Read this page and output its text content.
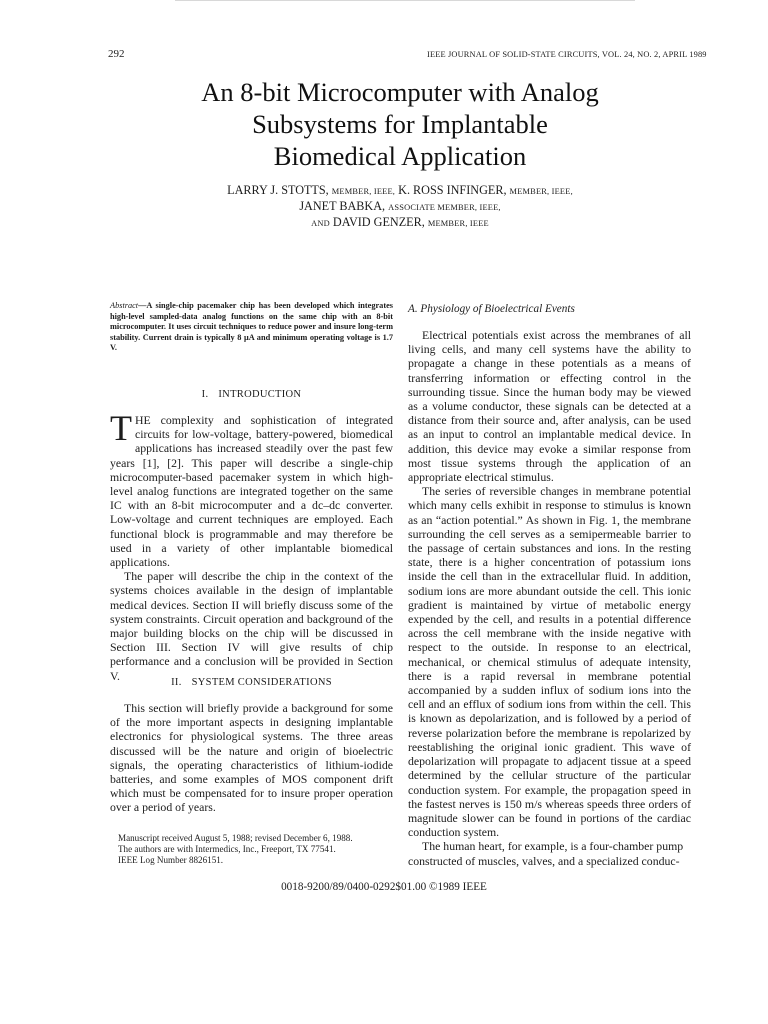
292	IEEE JOURNAL OF SOLID-STATE CIRCUITS, VOL. 24, NO. 2, APRIL 1989
An 8-bit Microcomputer with Analog
Subsystems for Implantable
Biomedical Application
LARRY J. STOTTS, MEMBER, IEEE, K. ROSS INFINGER, MEMBER, IEEE,
JANET BABKA, ASSOCIATE MEMBER, IEEE,
AND DAVID GENZER, MEMBER, IEEE
Abstract—A single-chip pacemaker chip has been developed which integrates high-level sampled-data analog functions on the same chip with an 8-bit microcomputer. It uses circuit techniques to reduce power and insure long-term stability. Current drain is typically 8 μA and minimum operating voltage is 1.7 V.
I. INTRODUCTION

THE complexity and sophistication of integrated circuits for low-voltage, battery-powered, biomedical applications has increased steadily over the past few years [1], [2]. This paper will describe a single-chip microcomputer-based pacemaker system in which high-level analog functions are integrated together on the same IC with an 8-bit microcomputer and a dc–dc converter. Low-voltage and current techniques are employed. Each functional block is programmable and may therefore be used in a variety of other implantable biomedical applications.

The paper will describe the chip in the context of the systems choices available in the design of implantable medical devices. Section II will briefly discuss some of the system constraints. Circuit operation and background of the major building blocks on the chip will be discussed in Section III. Section IV will give results of chip performance and a conclusion will be provided in Section V.	II. SYSTEM CONSIDERATIONS

This section will briefly provide a background for some of the more important aspects in designing implantable electronics for physiological systems. The three areas discussed will be the nature and origin of bioelectric signals, the operating characteristics of lithium-iodide batteries, and some examples of MOS component drift which must be compensated for to insure proper operation over a period of years.

Manuscript received August 5, 1988; revised December 6, 1988.
The authors are with Intermedics, Inc., Freeport, TX 77541.
IEEE Log Number 8826151.
A. Physiology of Bioelectrical Events

Electrical potentials exist across the membranes of all living cells, and many cell systems have the ability to propagate a change in these potentials as a means of transferring information or effecting control in the surrounding tissue. Since the human body may be viewed as a volume conductor, these signals can be detected at a distance from their source and, after analysis, can be used as an input to control an implantable medical device. In addition, this device may evoke a similar response from most tissue systems through the application of an appropriate electrical stimulus.

The series of reversible changes in membrane potential which many cells exhibit in response to stimulus is known as an “action potential.” As shown in Fig. 1, the membrane surrounding the cell serves as a semipermeable barrier to the passage of certain substances and ions. In the resting state, there is a higher concentration of potassium ions inside the cell than in the extracellular fluid. In addition, sodium ions are more abundant outside the cell. This ionic gradient is maintained by virtue of metabolic energy expended by the cell, and results in a potential difference across the cell membrane with the inside negative with respect to the outside. In response to an electrical, mechanical, or chemical stimulus of adequate intensity, there is a rapid reversal in membrane potential accompanied by a sudden influx of sodium ions into the cell and an efflux of sodium ions from within the cell. This is known as depolarization, and is followed by a period of reverse polarization before the membrane is repolarized by reestablishing the original ionic gradient. This wave of depolarization will propagate to adjacent tissue at a speed determined by the cellular structure of the particular conduction system. For example, the propagation speed in the fastest nerves is 150 m/s whereas speeds three orders of magnitude slower can be found in portions of the cardiac conduction system.

The human heart, for example, is a four-chamber pump constructed of muscles, valves, and a specialized conduc-

0018-9200/89/0400-0292$01.00 ©1989 IEEE
